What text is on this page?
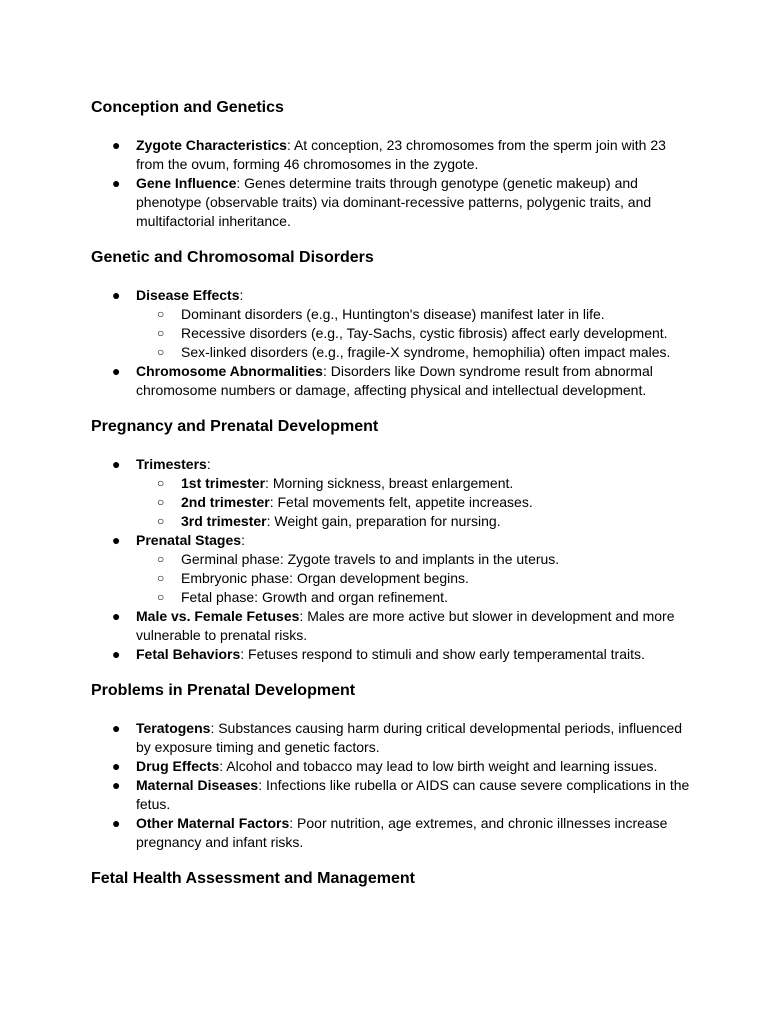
Conception and Genetics
● Zygote Characteristics: At conception, 23 chromosomes from the sperm join with 23 from the ovum, forming 46 chromosomes in the zygote.
● Gene Influence: Genes determine traits through genotype (genetic makeup) and phenotype (observable traits) via dominant-recessive patterns, polygenic traits, and multifactorial inheritance.
Genetic and Chromosomal Disorders
● Disease Effects:
○ Dominant disorders (e.g., Huntington's disease) manifest later in life.
○ Recessive disorders (e.g., Tay-Sachs, cystic fibrosis) affect early development.
○ Sex-linked disorders (e.g., fragile-X syndrome, hemophilia) often impact males.
● Chromosome Abnormalities: Disorders like Down syndrome result from abnormal chromosome numbers or damage, affecting physical and intellectual development.
Pregnancy and Prenatal Development
● Trimesters:
○ 1st trimester: Morning sickness, breast enlargement.
○ 2nd trimester: Fetal movements felt, appetite increases.
○ 3rd trimester: Weight gain, preparation for nursing.
● Prenatal Stages:
○ Germinal phase: Zygote travels to and implants in the uterus.
○ Embryonic phase: Organ development begins.
○ Fetal phase: Growth and organ refinement.
● Male vs. Female Fetuses: Males are more active but slower in development and more vulnerable to prenatal risks.
● Fetal Behaviors: Fetuses respond to stimuli and show early temperamental traits.
Problems in Prenatal Development
● Teratogens: Substances causing harm during critical developmental periods, influenced by exposure timing and genetic factors.
● Drug Effects: Alcohol and tobacco may lead to low birth weight and learning issues.
● Maternal Diseases: Infections like rubella or AIDS can cause severe complications in the fetus.
● Other Maternal Factors: Poor nutrition, age extremes, and chronic illnesses increase pregnancy and infant risks.
Fetal Health Assessment and Management
